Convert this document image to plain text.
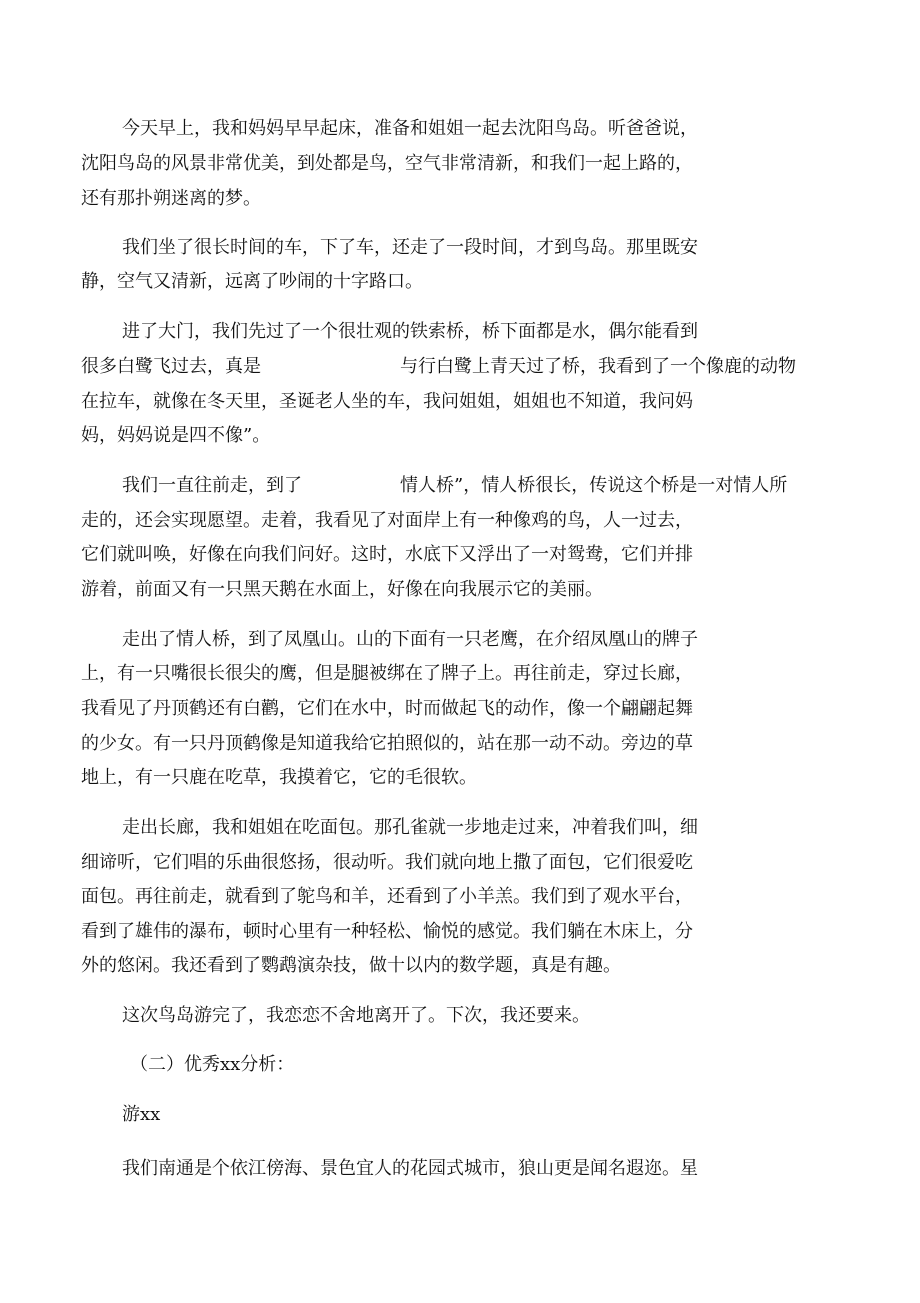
今天早上，我和妈妈早早起床，准备和姐姐一起去沈阳鸟岛。听爸爸说，
沈阳鸟岛的风景非常优美，到处都是鸟，空气非常清新，和我们一起上路的，
还有那扑朔迷离的梦。
我们坐了很长时间的车，下了车，还走了一段时间，才到鸟岛。那里既安
静，空气又清新，远离了吵闹的十字路口。
进了大门，我们先过了一个很壮观的铁索桥，桥下面都是水，偶尔能看到
很多白鹭飞过去，真是	与行白鹭上青天过了桥，我看到了一个像鹿的动物
在拉车，就像在冬天里，圣诞老人坐的车，我问姐姐，姐姐也不知道，我问妈
妈，妈妈说是四不像”。
我们一直往前走，到了	情人桥”，情人桥很长，传说这个桥是一对情人所
走的，还会实现愿望。走着，我看见了对面岸上有一种像鸡的鸟，人一过去，
它们就叫唤，好像在向我们问好。这时，水底下又浮出了一对鸳鸯，它们并排
游着，前面又有一只黑天鹅在水面上，好像在向我展示它的美丽。
走出了情人桥，到了凤凰山。山的下面有一只老鹰，在介绍凤凰山的牌子
上，有一只嘴很长很尖的鹰，但是腿被绑在了牌子上。再往前走，穿过长廊，
我看见了丹顶鹤还有白鹳，它们在水中，时而做起飞的动作，像一个翩翩起舞
的少女。有一只丹顶鹤像是知道我给它拍照似的，站在那一动不动。旁边的草
地上，有一只鹿在吃草，我摸着它，它的毛很软。
走出长廊，我和姐姐在吃面包。那孔雀就一步地走过来，冲着我们叫，细
细谛听，它们唱的乐曲很悠扬，很动听。我们就向地上撒了面包，它们很爱吃
面包。再往前走，就看到了鸵鸟和羊，还看到了小羊羔。我们到了观水平台，
看到了雄伟的瀑布，顿时心里有一种轻松、愉悦的感觉。我们躺在木床上，分
外的悠闲。我还看到了鹦鹉演杂技，做十以内的数学题，真是有趣。
这次鸟岛游完了，我恋恋不舍地离开了。下次，我还要来。
（二）优秀xx分析：
游xx
我们南通是个依江傍海、景色宜人的花园式城市，狼山更是闻名遐迩。星
